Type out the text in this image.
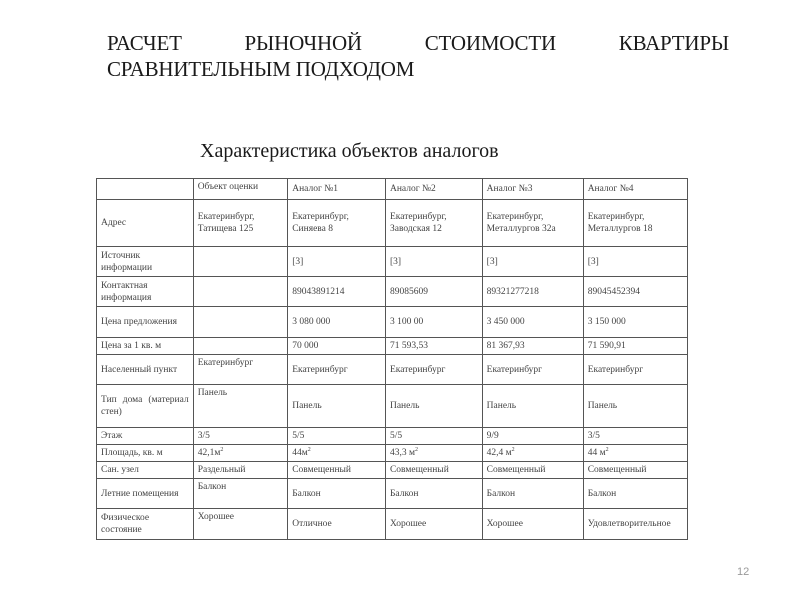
РАСЧЕТ	РЫНОЧНОЙ	СТОИМОСТИ	КВАРТИРЫ
СРАВНИТЕЛЬНЫМ ПОДХОДОМ
Характеристика объектов аналогов
	Объект оценки	Аналог №1	Аналог №2	Аналог №3	Аналог №4
Адрес	Екатеринбург, Татищева 125	Екатеринбург, Синяева 8	Екатеринбург, Заводская 12	Екатеринбург, Металлургов 32а	Екатеринбург, Металлургов 18
Источник информации		[3]	[3]	[3]	[3]
Контактная информация		89043891214	89085609	89321277218	89045452394
Цена предложения		3 080 000	3 100 00	3 450 000	3 150 000
Цена за 1 кв. м		70 000	71 593,53	81 367,93	71 590,91
Населенный пункт	Екатеринбург	Екатеринбург	Екатеринбург	Екатеринбург	Екатеринбург
Тип дома (материал стен)	Панель	Панель	Панель	Панель	Панель
Этаж	3/5	5/5	5/5	9/9	3/5
Площадь, кв. м	$42,1м^2$	$44м^2$	43,3 $м^2$	42,4 $м^2$	44 $м^2$
Сан. узел	Раздельный	Совмещенный	Совмещенный	Совмещенный	Совмещенный
Летние помещения	Балкон	Балкон	Балкон	Балкон	Балкон
Физическое состояние	Хорошее	Отличное	Хорошее	Хорошее	Удовлетворительное
12
